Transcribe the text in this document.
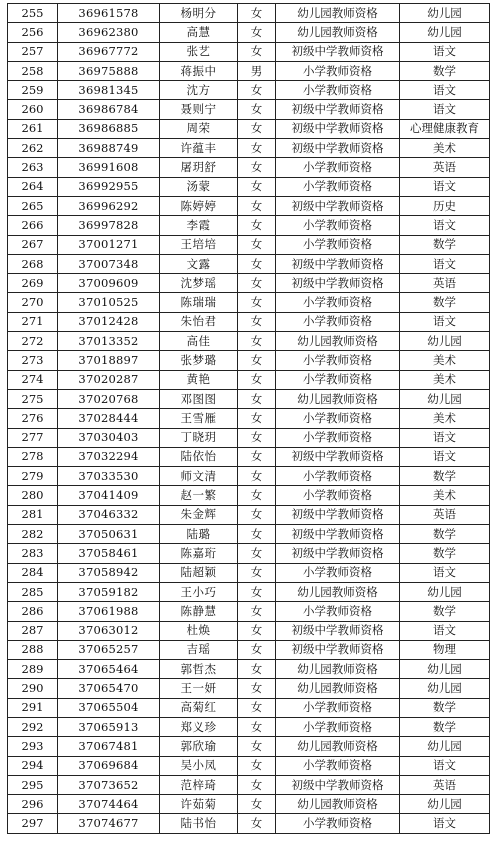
255	36961578	杨明分	女	幼儿园教师资格	幼儿园
256	36962380	高慧	女	幼儿园教师资格	幼儿园
257	36967772	张艺	女	初级中学教师资格	语文
258	36975888	蒋振中	男	小学教师资格	数学
259	36981345	沈方	女	小学教师资格	语文
260	36986784	聂则宁	女	初级中学教师资格	语文
261	36986885	周荣	女	初级中学教师资格	心理健康教育
262	36988749	许蕴丰	女	初级中学教师资格	美术
263	36991608	屠玥舒	女	小学教师资格	英语
264	36992955	汤蒙	女	小学教师资格	语文
265	36996292	陈婷婷	女	初级中学教师资格	历史
266	36997828	李霞	女	小学教师资格	语文
267	37001271	王培培	女	小学教师资格	数学
268	37007348	文露	女	初级中学教师资格	语文
269	37009609	沈梦瑶	女	初级中学教师资格	英语
270	37010525	陈瑞瑞	女	小学教师资格	数学
271	37012428	朱怡君	女	小学教师资格	语文
272	37013352	高佳	女	幼儿园教师资格	幼儿园
273	37018897	张梦璐	女	小学教师资格	美术
274	37020287	黄艳	女	小学教师资格	美术
275	37020768	邓图图	女	幼儿园教师资格	幼儿园
276	37028444	王雪雁	女	小学教师资格	美术
277	37030403	丁晓玥	女	小学教师资格	语文
278	37032294	陆依怡	女	初级中学教师资格	语文
279	37033530	师文清	女	小学教师资格	数学
280	37041409	赵一繁	女	小学教师资格	美术
281	37046332	朱金辉	女	初级中学教师资格	英语
282	37050631	陆璐	女	初级中学教师资格	数学
283	37058461	陈嘉珩	女	初级中学教师资格	数学
284	37058942	陆超颖	女	小学教师资格	语文
285	37059182	王小巧	女	幼儿园教师资格	幼儿园
286	37061988	陈静慧	女	小学教师资格	数学
287	37063012	杜焕	女	初级中学教师资格	语文
288	37065257	吉瑶	女	初级中学教师资格	物理
289	37065464	郭哲杰	女	幼儿园教师资格	幼儿园
290	37065470	王一妍	女	幼儿园教师资格	幼儿园
291	37065504	高菊红	女	小学教师资格	数学
292	37065913	郑义珍	女	小学教师资格	数学
293	37067481	郭欣瑜	女	幼儿园教师资格	幼儿园
294	37069684	吴小凤	女	小学教师资格	语文
295	37073652	范梓琦	女	初级中学教师资格	英语
296	37074464	许茹菊	女	幼儿园教师资格	幼儿园
297	37074677	陆书怡	女	小学教师资格	语文
